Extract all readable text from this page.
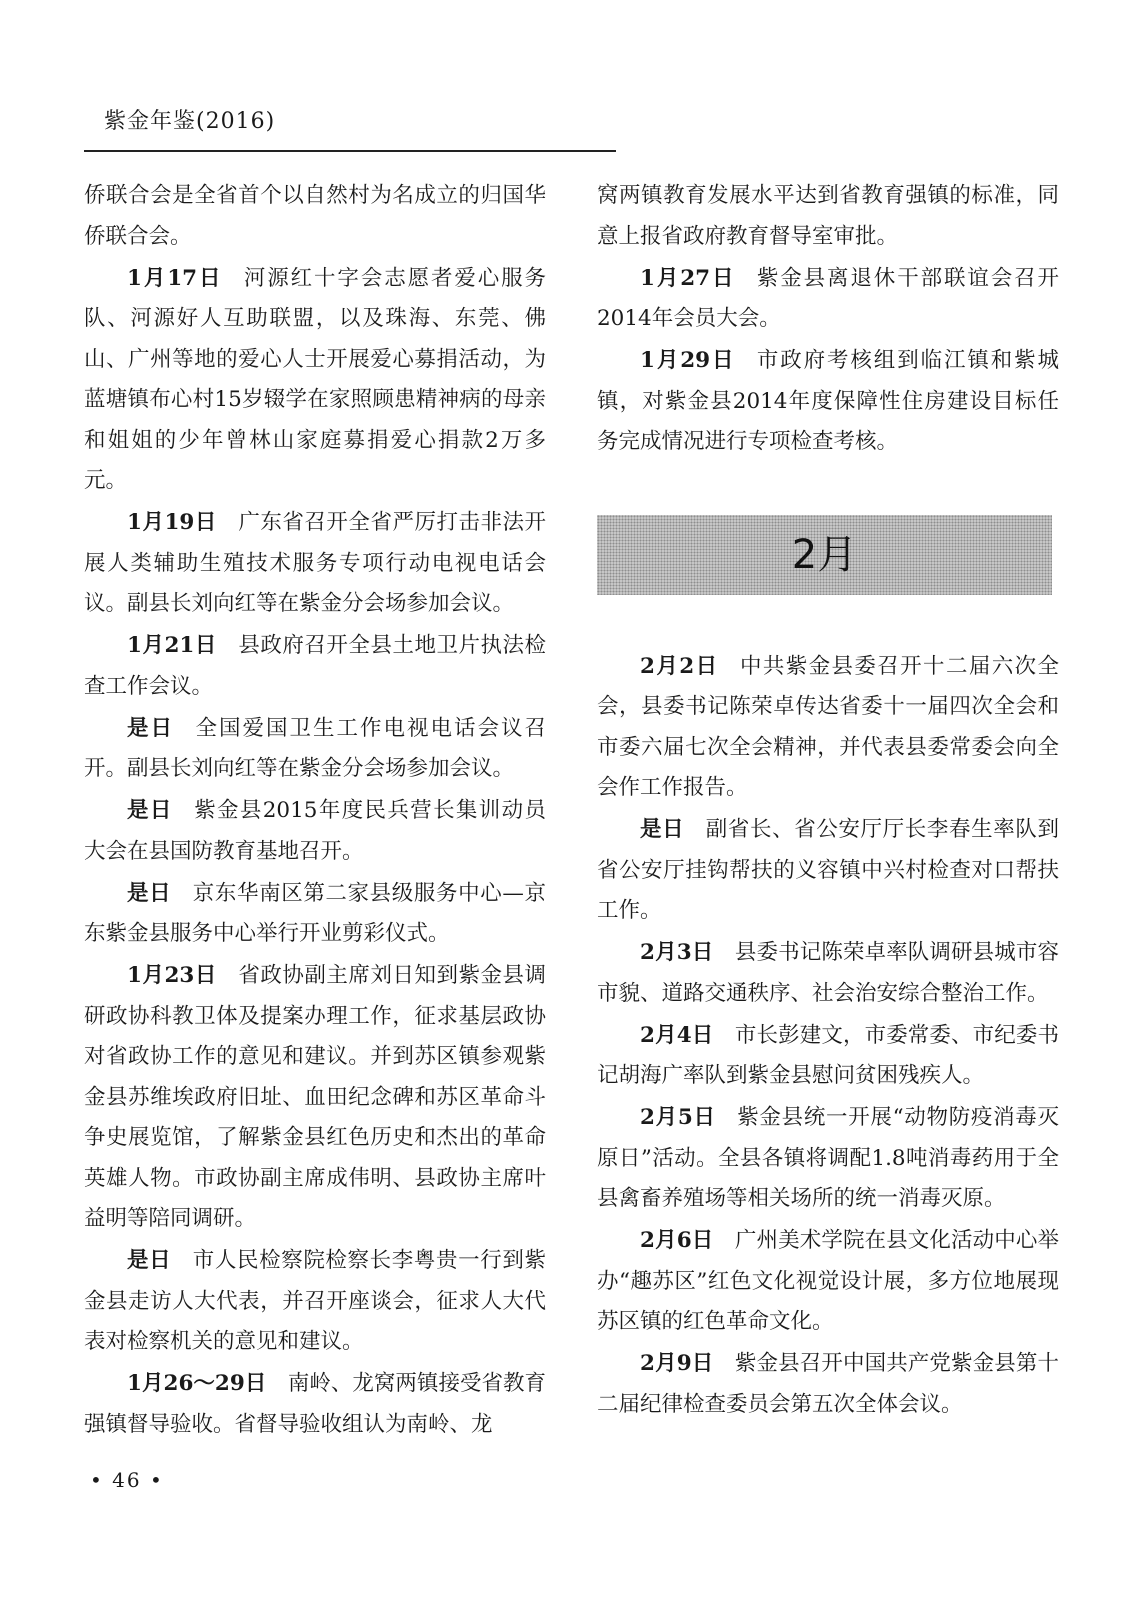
紫金年鉴(2016)

侨联合会是全省首个以自然村为名成立的归国华侨联合会。

1月17日 河源红十字会志愿者爱心服务队、河源好人互助联盟，以及珠海、东莞、佛山、广州等地的爱心人士开展爱心募捐活动，为蓝塘镇布心村15岁辍学在家照顾患精神病的母亲和姐姐的少年曾林山家庭募捐爱心捐款2万多元。

1月19日 广东省召开全省严厉打击非法开展人类辅助生殖技术服务专项行动电视电话会议。副县长刘向红等在紫金分会场参加会议。

1月21日 县政府召开全县土地卫片执法检查工作会议。

是日 全国爱国卫生工作电视电话会议召开。副县长刘向红等在紫金分会场参加会议。

是日 紫金县2015年度民兵营长集训动员大会在县国防教育基地召开。

是日 京东华南区第二家县级服务中心—京东紫金县服务中心举行开业剪彩仪式。

1月23日 省政协副主席刘日知到紫金县调研政协科教卫体及提案办理工作，征求基层政协对省政协工作的意见和建议。并到苏区镇参观紫金县苏维埃政府旧址、血田纪念碑和苏区革命斗争史展览馆，了解紫金县红色历史和杰出的革命英雄人物。市政协副主席成伟明、县政协主席叶益明等陪同调研。

是日 市人民检察院检察长李粤贵一行到紫金县走访人大代表，并召开座谈会，征求人大代表对检察机关的意见和建议。

1月26～29日 南岭、龙窝两镇接受省教育强镇督导验收。省督导验收组认为南岭、龙

窝两镇教育发展水平达到省教育强镇的标准，同意上报省政府教育督导室审批。

1月27日 紫金县离退休干部联谊会召开2014年会员大会。

1月29日 市政府考核组到临江镇和紫城镇，对紫金县2014年度保障性住房建设目标任务完成情况进行专项检查考核。

2月

2月2日 中共紫金县委召开十二届六次全会，县委书记陈荣卓传达省委十一届四次全会和市委六届七次全会精神，并代表县委常委会向全会作工作报告。

是日 副省长、省公安厅厅长李春生率队到省公安厅挂钩帮扶的义容镇中兴村检查对口帮扶工作。

2月3日 县委书记陈荣卓率队调研县城市容市貌、道路交通秩序、社会治安综合整治工作。

2月4日 市长彭建文，市委常委、市纪委书记胡海广率队到紫金县慰问贫困残疾人。

2月5日 紫金县统一开展“动物防疫消毒灭原日”活动。全县各镇将调配1.8吨消毒药用于全县禽畜养殖场等相关场所的统一消毒灭原。

2月6日 广州美术学院在县文化活动中心举办“趣苏区”红色文化视觉设计展，多方位地展现苏区镇的红色革命文化。

2月9日 紫金县召开中国共产党紫金县第十二届纪律检查委员会第五次全体会议。

• 46 •
